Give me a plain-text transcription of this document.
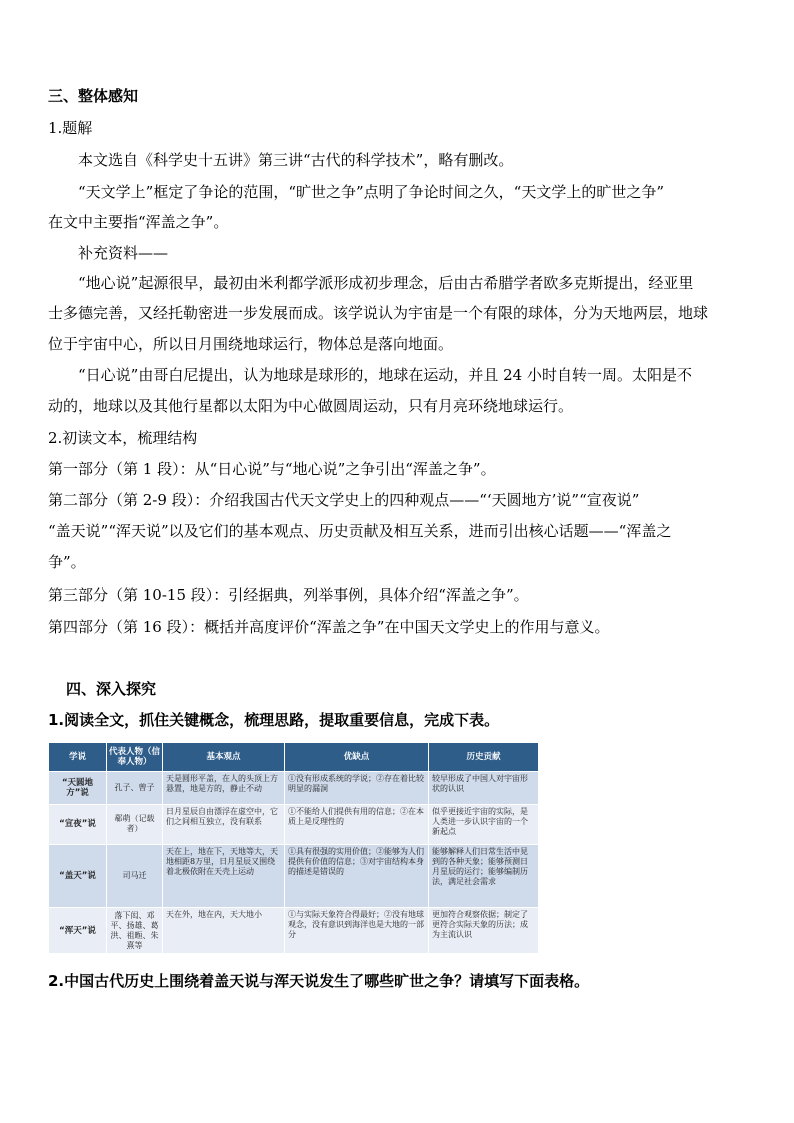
三、整体感知
1.题解
本文选自《科学史十五讲》第三讲“古代的科学技术”，略有删改。
“天文学上”框定了争论的范围，“旷世之争”点明了争论时间之久，“天文学上的旷世之争”
在文中主要指“浑盖之争”。
补充资料——
“地心说”起源很早，最初由米利都学派形成初步理念，后由古希腊学者欧多克斯提出，经亚里
士多德完善，又经托勒密进一步发展而成。该学说认为宇宙是一个有限的球体，分为天地两层，地球
位于宇宙中心，所以日月围绕地球运行，物体总是落向地面。
“日心说”由哥白尼提出，认为地球是球形的，地球在运动，并且 24 小时自转一周。太阳是不
动的，地球以及其他行星都以太阳为中心做圆周运动，只有月亮环绕地球运行。
2.初读文本，梳理结构
第一部分（第 1 段）：从“日心说”与“地心说”之争引出“浑盖之争”。
第二部分（第 2-9 段）：介绍我国古代天文学史上的四种观点——“‘天圆地方’说”“宣夜说”
“盖天说”“浑天说”以及它们的基本观点、历史贡献及相互关系，进而引出核心话题——“浑盖之
争”。
第三部分（第 10-15 段）：引经据典，列举事例，具体介绍“浑盖之争”。
第四部分（第 16 段）：概括并高度评价“浑盖之争”在中国天文学史上的作用与意义。
四、深入探究
1.阅读全文，抓住关键概念，梳理思路，提取重要信息，完成下表。
学说	代表人物（信奉人物）	基本观点	优缺点	历史贡献
“天圆地方”说	孔子、曾子	天是圆形平盖，在人的头顶上方悬置，地是方的，静止不动	①没有形成系统的学说；②存在着比较明显的漏洞	较早形成了中国人对宇宙形状的认识
“宣夜”说	郗萌（记载者）	日月星辰自由漂浮在虚空中，它们之间相互独立，没有联系	①不能给人们提供有用的信息；②在本质上是反理性的	似乎更接近宇宙的实际，是人类进一步认识宇宙的一个新起点
“盖天”说	司马迁	天在上，地在下，天地等大，天地相距8万里，日月星辰又围绕着北极依附在天壳上运动	①具有很强的实用价值；②能够为人们提供有价值的信息；③对宇宙结构本身的描述是错误的	能够解释人们日常生活中見到的各种天象；能够预测日月星辰的运行；能够编制历法，满足社会需求
“浑天”说	落下闳、邓平、扬雄、葛洪、祖暅、朱熹等	天在外，地在内，天大地小	①与实际天象符合得最好；②没有地球观念，没有意识到海洋也是大地的一部分	更加符合观察依据；制定了更符合实际天象的历法；成为主流认识
2.中国古代历史上围绕着盖天说与浑天说发生了哪些旷世之争？请填写下面表格。
